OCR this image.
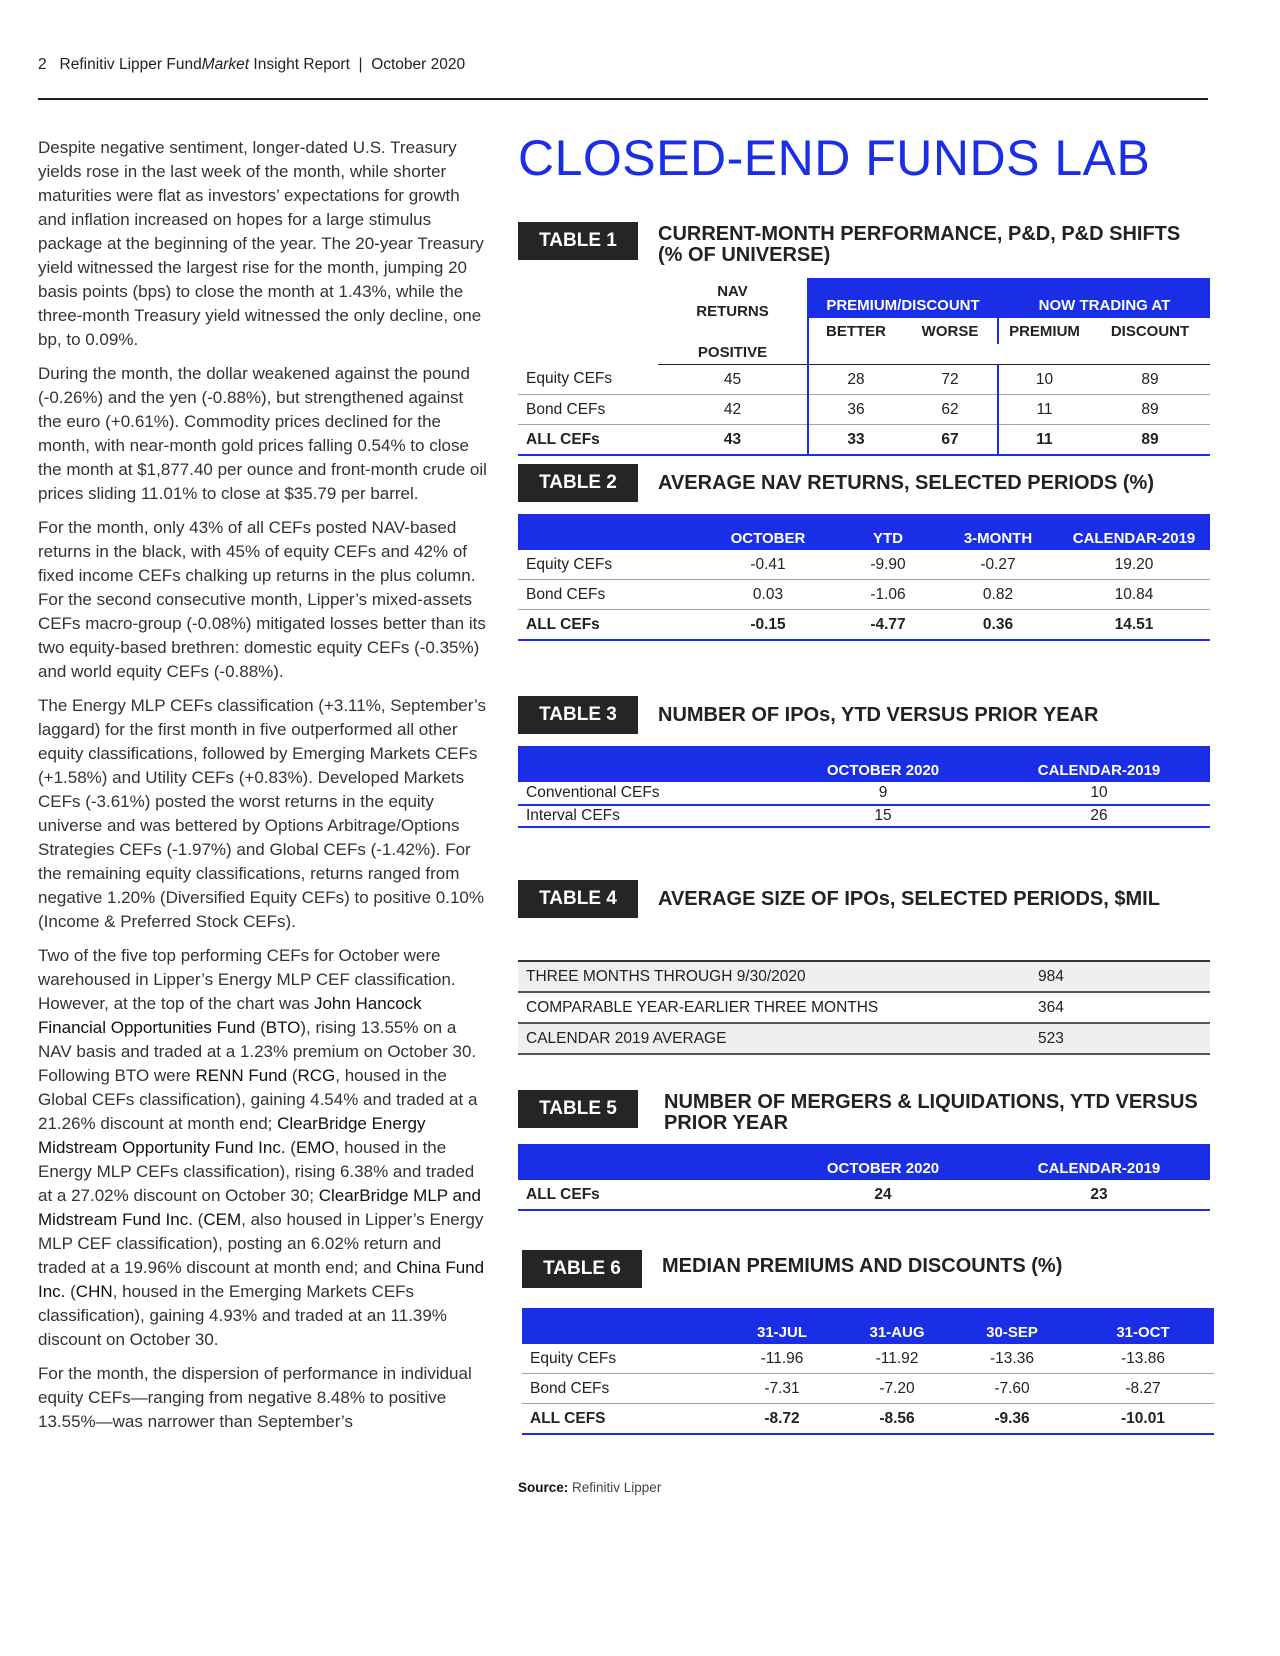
2 Refinitiv Lipper FundMarket Insight Report | October 2020

Despite negative sentiment, longer-dated U.S. Treasury yields rose in the last week of the month, while shorter maturities were flat as investors’ expectations for growth and inflation increased on hopes for a large stimulus package at the beginning of the year. The 20-year Treasury yield witnessed the largest rise for the month, jumping 20 basis points (bps) to close the month at 1.43%, while the three-month Treasury yield witnessed the only decline, one bp, to 0.09%.

During the month, the dollar weakened against the pound (-0.26%) and the yen (-0.88%), but strengthened against the euro (+0.61%). Commodity prices declined for the month, with near-month gold prices falling 0.54% to close the month at $1,877.40 per ounce and front-month crude oil prices sliding 11.01% to close at $35.79 per barrel.

For the month, only 43% of all CEFs posted NAV-based returns in the black, with 45% of equity CEFs and 42% of fixed income CEFs chalking up returns in the plus column. For the second consecutive month, Lipper’s mixed-assets CEFs macro-group (-0.08%) mitigated losses better than its two equity-based brethren: domestic equity CEFs (-0.35%) and world equity CEFs (-0.88%).

The Energy MLP CEFs classification (+3.11%, September’s laggard) for the first month in five outperformed all other equity classifications, followed by Emerging Markets CEFs (+1.58%) and Utility CEFs (+0.83%). Developed Markets CEFs (-3.61%) posted the worst returns in the equity universe and was bettered by Options Arbitrage/Options Strategies CEFs (-1.97%) and Global CEFs (-1.42%). For the remaining equity classifications, returns ranged from negative 1.20% (Diversified Equity CEFs) to positive 0.10% (Income & Preferred Stock CEFs).

Two of the five top performing CEFs for October were warehoused in Lipper’s Energy MLP CEF classification. However, at the top of the chart was John Hancock Financial Opportunities Fund (BTO), rising 13.55% on a NAV basis and traded at a 1.23% premium on October 30. Following BTO were RENN Fund (RCG, housed in the Global CEFs classification), gaining 4.54% and traded at a 21.26% discount at month end; ClearBridge Energy Midstream Opportunity Fund Inc. (EMO, housed in the Energy MLP CEFs classification), rising 6.38% and traded at a 27.02% discount on October 30; ClearBridge MLP and Midstream Fund Inc. (CEM, also housed in Lipper’s Energy MLP CEF classification), posting an 6.02% return and traded at a 19.96% discount at month end; and China Fund Inc. (CHN, housed in the Emerging Markets CEFs classification), gaining 4.93% and traded at an 11.39% discount on October 30.

For the month, the dispersion of performance in individual equity CEFs—ranging from negative 8.48% to positive 13.55%—was narrower than September’s

CLOSED-END FUNDS LAB
TABLE 1	CURRENT-MONTH PERFORMANCE, P&D, P&D SHIFTS (% OF UNIVERSE)
	NAV
RETURNS	PREMIUM/DISCOUNT		NOW TRADING AT	
		BETTER	WORSE	PREMIUM	DISCOUNT
	POSITIVE				
Equity CEFs	45	28	72	10	89
Bond CEFs	42	36	62	11	89
ALL CEFs	43	33	67	11	89
TABLE 2	AVERAGE NAV RETURNS, SELECTED PERIODS (%)
	OCTOBER	YTD	3-MONTH	CALENDAR-2019
Equity CEFs	-0.41	-9.90	-0.27	19.20
Bond CEFs	0.03	-1.06	0.82	10.84
ALL CEFs	-0.15	-4.77	0.36	14.51
TABLE 3	NUMBER OF IPOs, YTD VERSUS PRIOR YEAR
	OCTOBER 2020	CALENDAR-2019
Conventional CEFs	9	10
Interval CEFs	15	26
TABLE 4	AVERAGE SIZE OF IPOs, SELECTED PERIODS, $MIL
THREE MONTHS THROUGH 9/30/2020	984
COMPARABLE YEAR-EARLIER THREE MONTHS	364
CALENDAR 2019 AVERAGE	523
TABLE 5	NUMBER OF MERGERS & LIQUIDATIONS, YTD VERSUS PRIOR YEAR
	OCTOBER 2020	CALENDAR-2019
ALL CEFs	24	23
TABLE 6	MEDIAN PREMIUMS AND DISCOUNTS (%)
	31-JUL	31-AUG	30-SEP	31-OCT
Equity CEFs	-11.96	-11.92	-13.36	-13.86
Bond CEFs	-7.31	-7.20	-7.60	-8.27
ALL CEFS	-8.72	-8.56	-9.36	-10.01
Source: Refinitiv Lipper
